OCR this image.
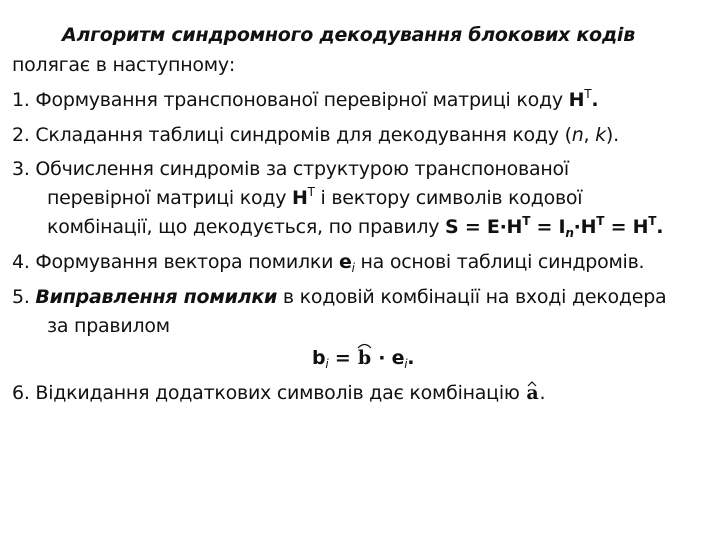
Алгоритм синдромного декодування блокових кодів
полягає в наступному:
1. Формування транспонованої перевірної матриці коду $H^Т$.
2. Складання таблиці синдромів для декодування коду (n, k).
3. Обчислення синдромів за структурою транспонованої
перевірної матриці коду $H^Т$ і вектору символів кодової
комбінації, що декодується, по правилу $S = E\cdot H^Т = I_n\cdot H^Т = H^Т$.
4. Формування вектора помилки $e_i$ на основі таблиці синдромів.
5. Виправлення помилки в кодовій комбінації на вході декодера
за правилом
$b_i$ =
$b \cdot e_i$.
6. Відкидання додаткових символів дає комбінацію
a.
